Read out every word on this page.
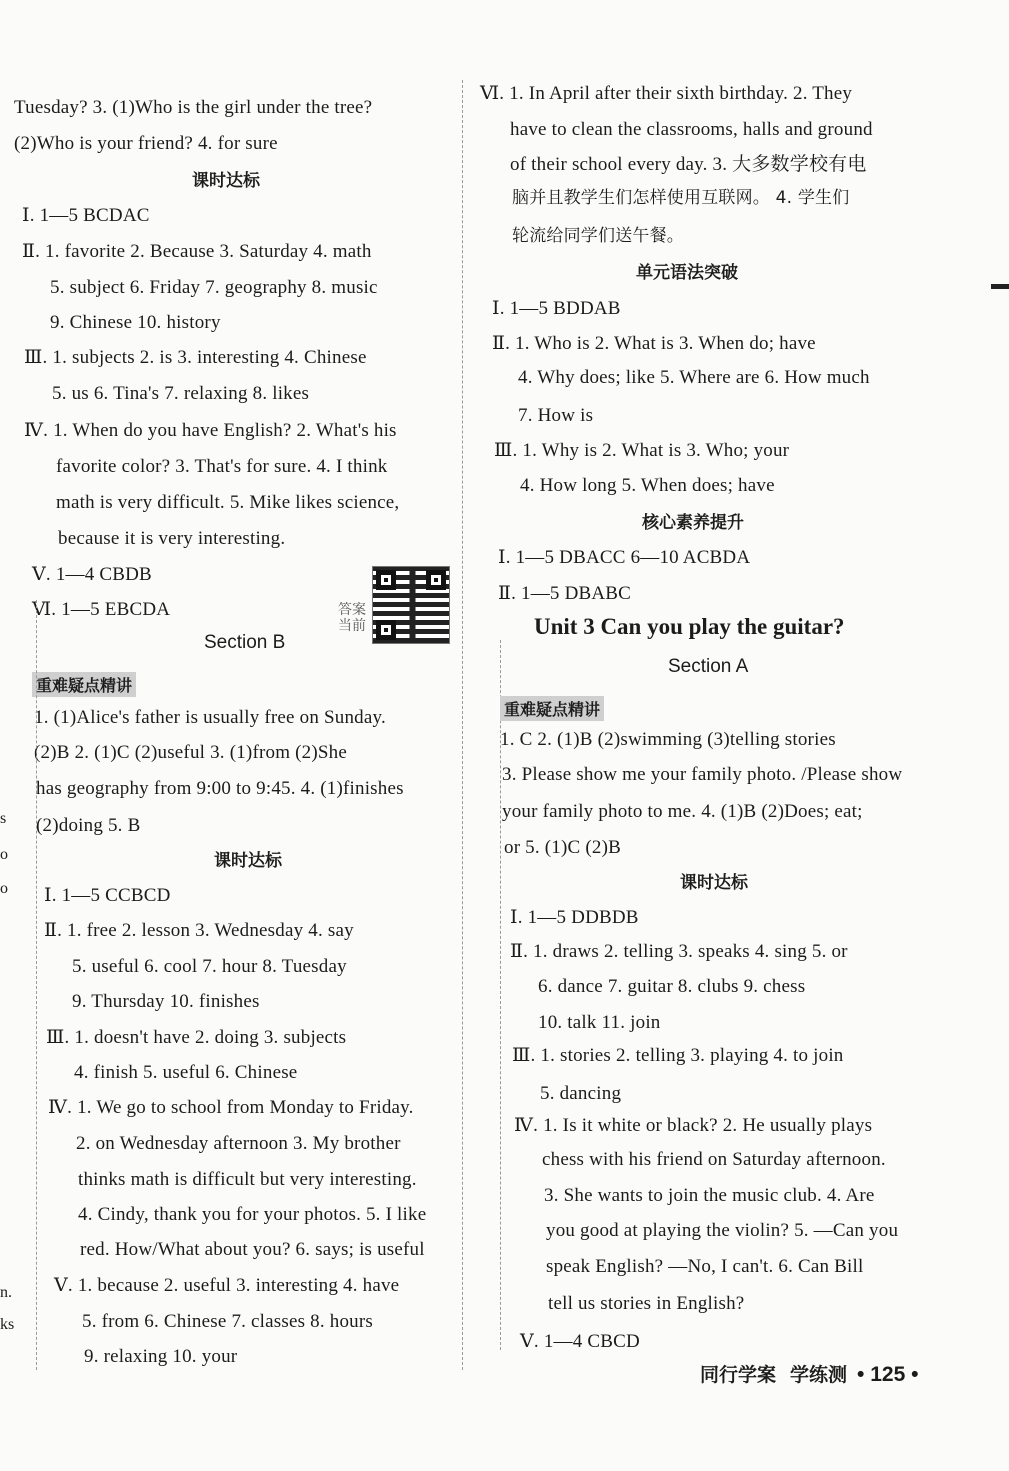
Tuesday? 3. (1)Who is the girl under the tree?
(2)Who is your friend? 4. for sure
课时达标
Ⅰ. 1—5 BCDAC
Ⅱ. 1. favorite 2. Because 3. Saturday 4. math
5. subject 6. Friday 7. geography 8. music
9. Chinese 10. history
Ⅲ. 1. subjects 2. is 3. interesting 4. Chinese
5. us 6. Tina's 7. relaxing 8. likes
Ⅳ. 1. When do you have English? 2. What's his
favorite color? 3. That's for sure. 4. I think
math is very difficult. 5. Mike likes science,
because it is very interesting.
Ⅴ. 1—4 CBDB
Ⅵ. 1—5 EBCDA	答案当前
Section B
重难疑点精讲
1. (1)Alice's father is usually free on Sunday.
(2)B 2. (1)C (2)useful 3. (1)from (2)She
has geography from 9:00 to 9:45. 4. (1)finishes
(2)doing 5. B
课时达标
Ⅰ. 1—5 CCBCD
Ⅱ. 1. free 2. lesson 3. Wednesday 4. say
5. useful 6. cool 7. hour 8. Tuesday
9. Thursday 10. finishes
Ⅲ. 1. doesn't have 2. doing 3. subjects
4. finish 5. useful 6. Chinese
Ⅳ. 1. We go to school from Monday to Friday.
2. on Wednesday afternoon 3. My brother
thinks math is difficult but very interesting.
4. Cindy, thank you for your photos. 5. I like
red. How/What about you? 6. says; is useful
Ⅴ. 1. because 2. useful 3. interesting 4. have
5. from 6. Chinese 7. classes 8. hours
9. relaxing 10. your
Ⅵ. 1. In April after their sixth birthday. 2. They
have to clean the classrooms, halls and ground
of their school every day. 3. 大多数学校有电
脑并且教学生们怎样使用互联网。 4. 学生们
轮流给同学们送午餐。
单元语法突破
Ⅰ. 1—5 BDDAB
Ⅱ. 1. Who is 2. What is 3. When do; have
4. Why does; like 5. Where are 6. How much
7. How is
Ⅲ. 1. Why is 2. What is 3. Who; your
4. How long 5. When does; have
核心素养提升
Ⅰ. 1—5 DBACC 6—10 ACBDA
Ⅱ. 1—5 DBABC
Unit 3 Can you play the guitar?
Section A
重难疑点精讲
1. C 2. (1)B (2)swimming (3)telling stories
3. Please show me your family photo. /Please show
your family photo to me. 4. (1)B (2)Does; eat;
or 5. (1)C (2)B
课时达标
Ⅰ. 1—5 DDBDB
Ⅱ. 1. draws 2. telling 3. speaks 4. sing 5. or
6. dance 7. guitar 8. clubs 9. chess
10. talk 11. join
Ⅲ. 1. stories 2. telling 3. playing 4. to join
5. dancing
Ⅳ. 1. Is it white or black? 2. He usually plays
chess with his friend on Saturday afternoon.
3. She wants to join the music club. 4. Are
you good at playing the violin? 5. —Can you
speak English? —No, I can't. 6. Can Bill
tell us stories in English?
Ⅴ. 1—4 CBCD
同行学案 学练测 • 125 •
s
o
o
n.
ks
